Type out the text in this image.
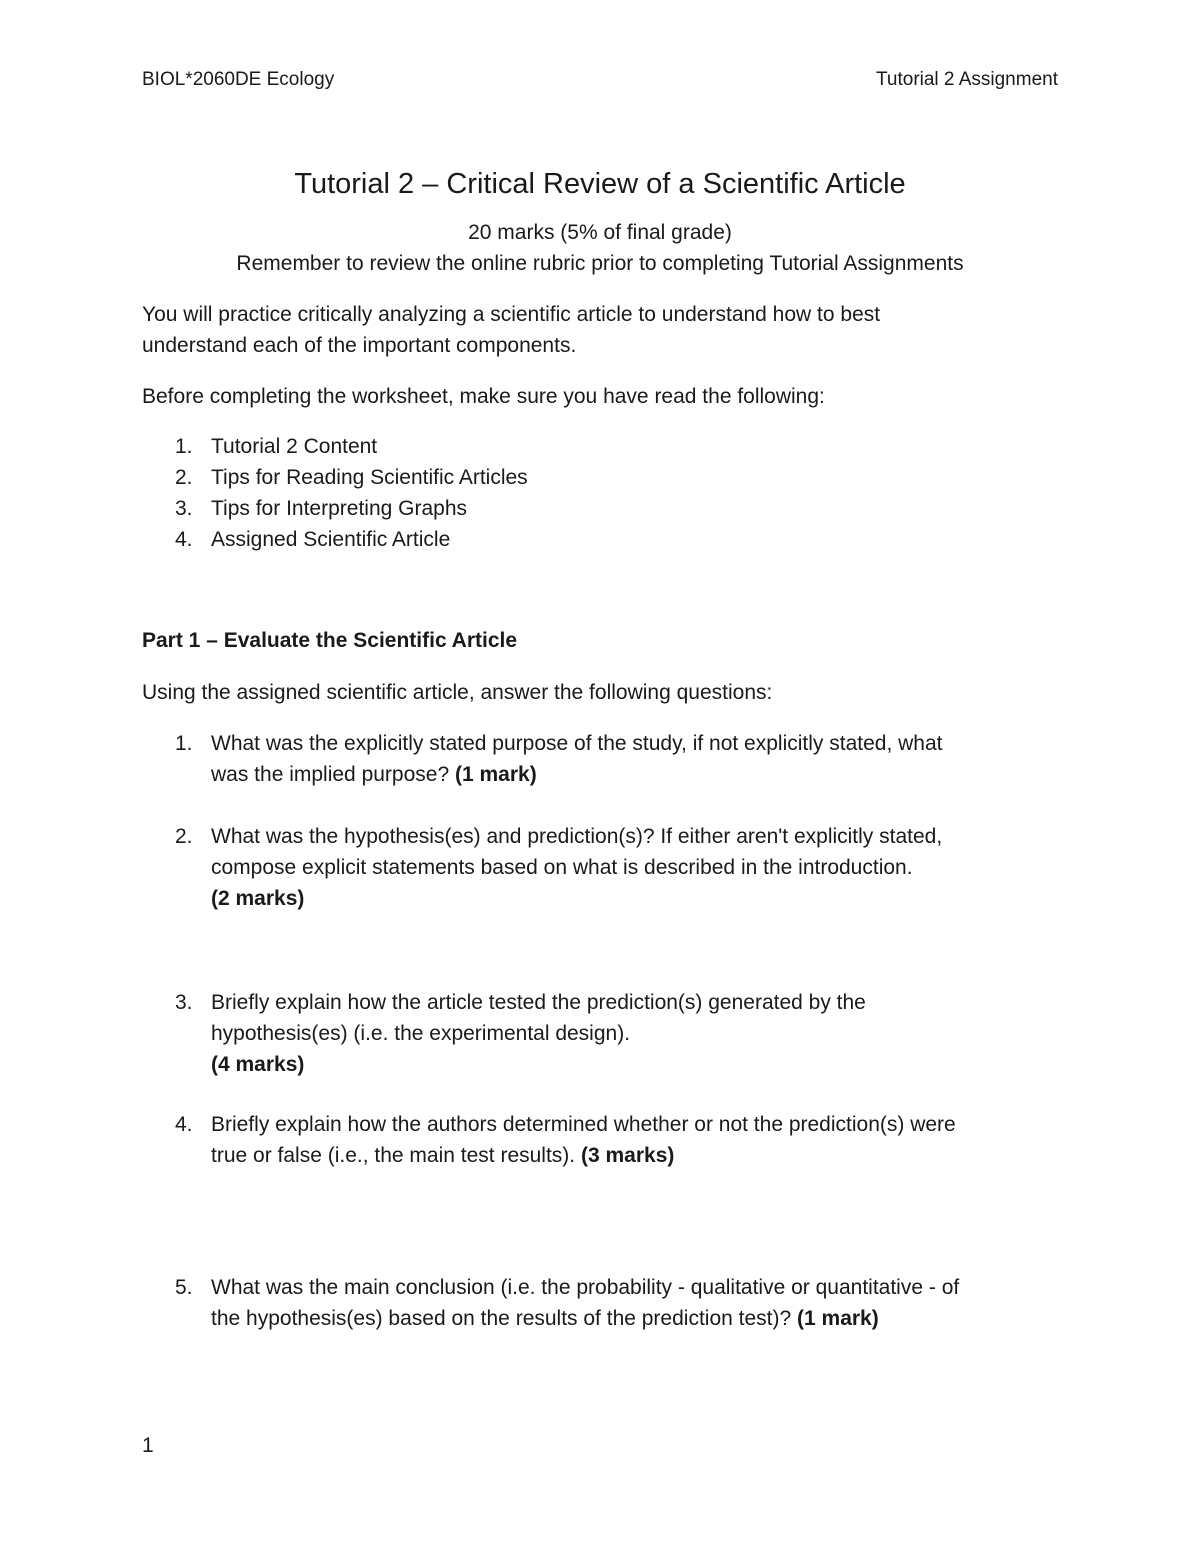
BIOL*2060DE Ecology	Tutorial 2 Assignment
Tutorial 2 – Critical Review of a Scientific Article
20 marks (5% of final grade)
Remember to review the online rubric prior to completing Tutorial Assignments
You will practice critically analyzing a scientific article to understand how to best
understand each of the important components.
Before completing the worksheet, make sure you have read the following:
1. Tutorial 2 Content
2. Tips for Reading Scientific Articles
3. Tips for Interpreting Graphs
4. Assigned Scientific Article
Part 1 – Evaluate the Scientific Article
Using the assigned scientific article, answer the following questions:
1. What was the explicitly stated purpose of the study, if not explicitly stated, what
was the implied purpose? (1 mark)
2. What was the hypothesis(es) and prediction(s)? If either aren't explicitly stated,
compose explicit statements based on what is described in the introduction.
(2 marks)
3. Briefly explain how the article tested the prediction(s) generated by the
hypothesis(es) (i.e. the experimental design).
(4 marks)
4. Briefly explain how the authors determined whether or not the prediction(s) were
true or false (i.e., the main test results). (3 marks)
5. What was the main conclusion (i.e. the probability - qualitative or quantitative - of
the hypothesis(es) based on the results of the prediction test)? (1 mark)
1
